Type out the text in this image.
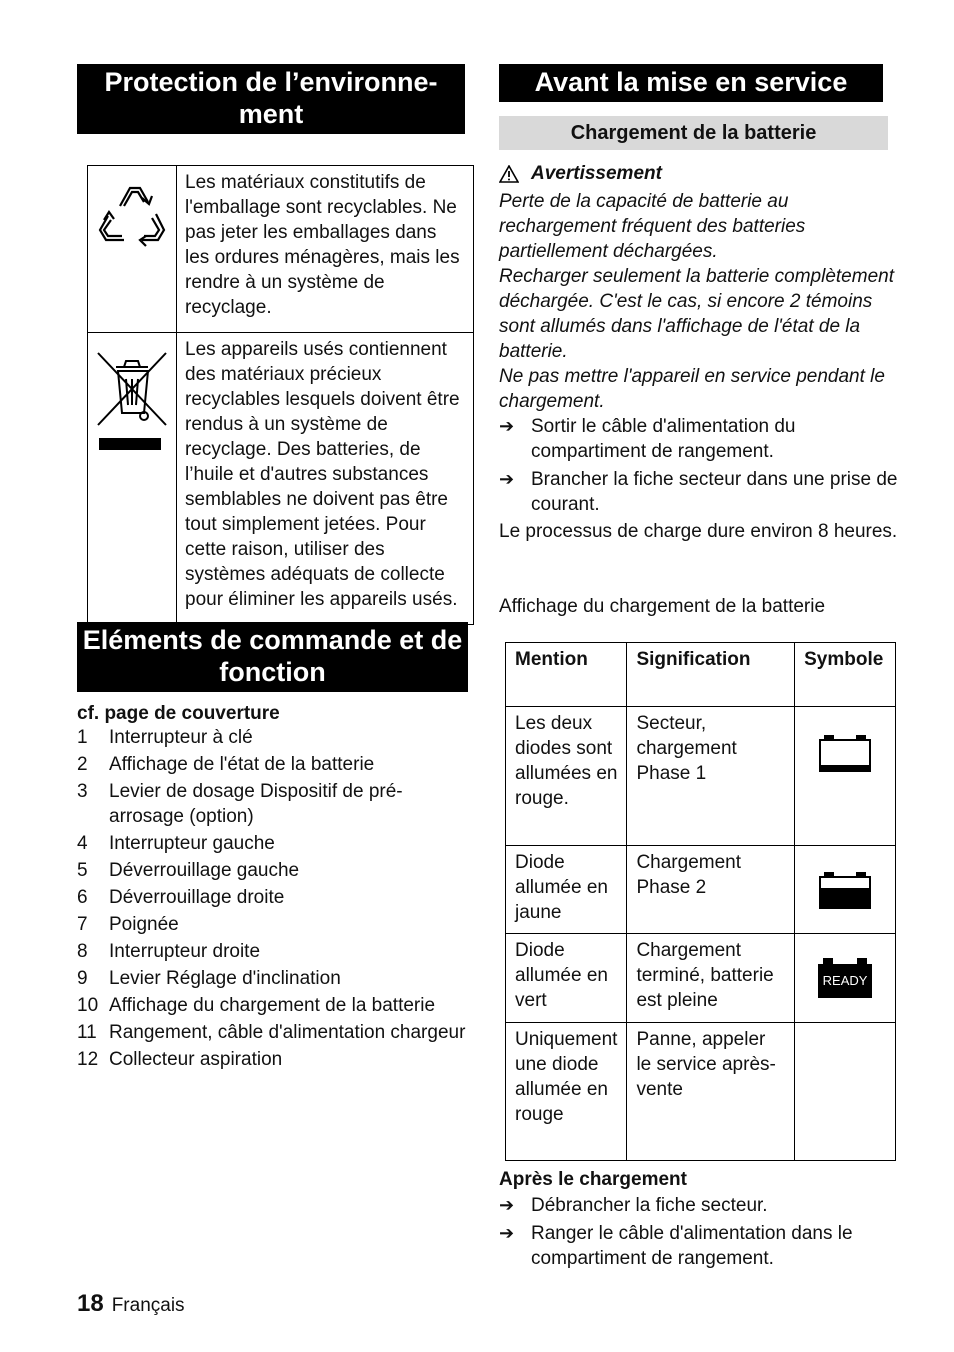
Protection de l’environne-
ment
	Les matériaux constitutifs de l'emballage sont recyclables. Ne pas jeter les emballages dans les ordures ménagères, mais les rendre à un système de recyclage.
	Les appareils usés contiennent des matériaux précieux recyclables lesquels doivent être rendus à un système de recyclage. Des batteries, de l’huile et d'autres substances semblables ne doivent pas être tout simplement jetées. Pour cette raison, utiliser des systèmes adéquats de collecte pour éliminer les appareils usés.
Eléments de commande et de
fonction

cf. page de couverture

1	Interrupteur à clé
2	Affichage de l'état de la batterie
3	Levier de dosage Dispositif de pré-arrosage (option)
4	Interrupteur gauche
5	Déverrouillage gauche
6	Déverrouillage droite
7	Poignée
8	Interrupteur droite
9	Levier Réglage d'inclination
10 Affichage du chargement de la batterie
11 Rangement, câble d'alimentation chargeur
12 Collecteur aspiration
Avant la mise en service
Chargement de la batterie
Avertissement
Perte de la capacité de batterie au rechargement fréquent des batteries partiellement déchargées.
Recharger seulement la batterie complètement déchargée. C'est le cas, si encore 2 témoins sont allumés dans l'affichage de l'état de la batterie.
Ne pas mettre l'appareil en service pendant le chargement.
➔ Sortir le câble d'alimentation du compartiment de rangement.
➔ Brancher la fiche secteur dans une prise de courant.

Le processus de charge dure environ 8 heures.

Affichage du chargement de la batterie

Mention	Signification	Symbole
Les deux diodes sont allumées en rouge.	Secteur, chargement Phase 1	
Diode allumée en jaune	Chargement Phase 2	
Diode allumée en vert	Chargement terminé, batterie est pleine	READY

Uniquement une diode allumée en rouge	Panne, appeler le service après-vente	

Après le chargement

➔ Débrancher la fiche secteur.
➔ Ranger le câble d'alimentation dans le compartiment de rangement.
18 Français
